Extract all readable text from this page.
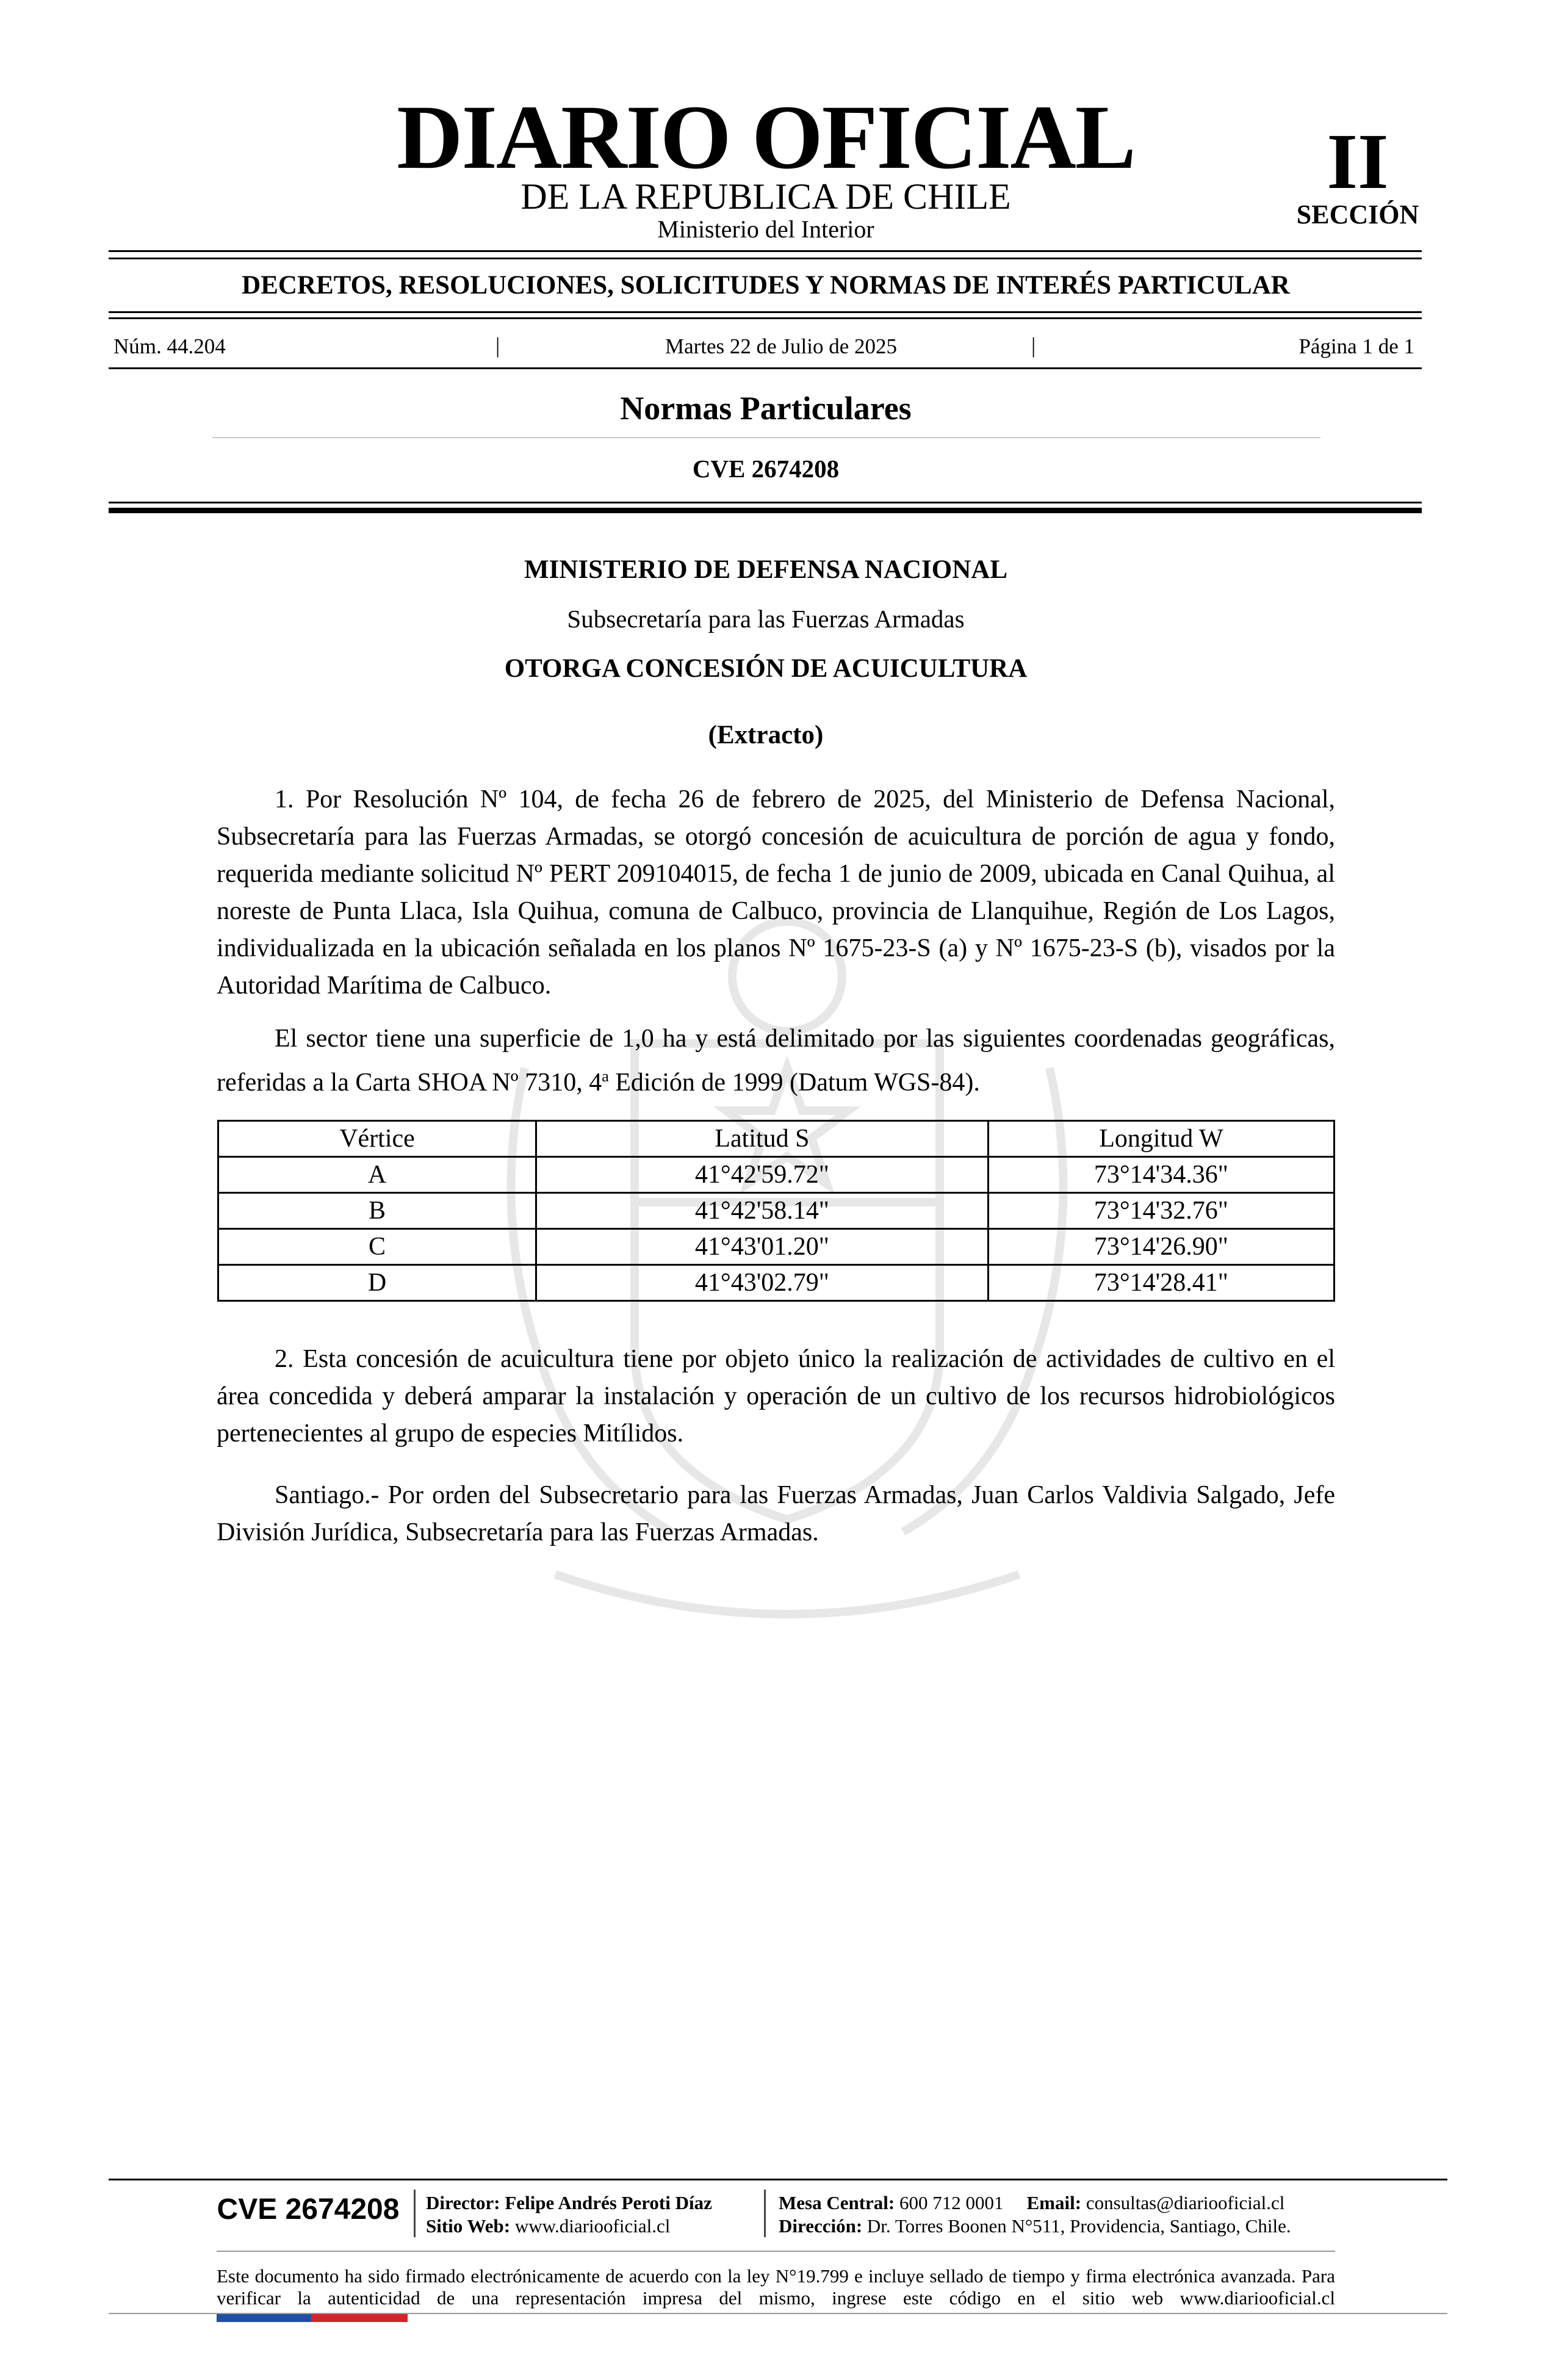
DIARIO OFICIAL
DE LA REPUBLICA DE CHILE
Ministerio del Interior
II
SECCIÓN
DECRETOS, RESOLUCIONES, SOLICITUDES Y NORMAS DE INTERÉS PARTICULAR
Núm. 44.204	|	Martes 22 de Julio de 2025	|	Página 1 de 1
Normas Particulares
CVE 2674208
MINISTERIO DE DEFENSA NACIONAL
Subsecretaría para las Fuerzas Armadas
OTORGA CONCESIÓN DE ACUICULTURA
(Extracto)

1. Por Resolución Nº 104, de fecha 26 de febrero de 2025, del Ministerio de Defensa Nacional, Subsecretaría para las Fuerzas Armadas, se otorgó concesión de acuicultura de porción de agua y fondo, requerida mediante solicitud Nº PERT 209104015, de fecha 1 de junio de 2009, ubicada en Canal Quihua, al noreste de Punta Llaca, Isla Quihua, comuna de Calbuco, provincia de Llanquihue, Región de Los Lagos, individualizada en la ubicación señalada en los planos Nº 1675-23-S (a) y Nº 1675-23-S (b), visados por la Autoridad Marítima de Calbuco.

El sector tiene una superficie de 1,0 ha y está delimitado por las siguientes coordenadas geográficas, referidas a la Carta SHOA Nº 7310, 4$^a$ Edición de 1999 (Datum WGS-84).

Vértice	Latitud S	Longitud W
A	41°42'59.72"	73°14'34.36"
B	41°42'58.14"	73°14'32.76"
C	41°43'01.20"	73°14'26.90"
D	41°43'02.79"	73°14'28.41"

2. Esta concesión de acuicultura tiene por objeto único la realización de actividades de cultivo en el área concedida y deberá amparar la instalación y operación de un cultivo de los recursos hidrobiológicos pertenecientes al grupo de especies Mitílidos.

Santiago.- Por orden del Subsecretario para las Fuerzas Armadas, Juan Carlos Valdivia Salgado, Jefe División Jurídica, Subsecretaría para las Fuerzas Armadas.

CVE 2674208	Director: Felipe Andrés Peroti Díaz
Sitio Web: www.diariooficial.cl
Mesa Central: 600 712 0001 Email: consultas@diariooficial.cl
Dirección: Dr. Torres Boonen N°511, Providencia, Santiago, Chile.
Este documento ha sido firmado electrónicamente de acuerdo con la ley N°19.799 e incluye sellado de tiempo y firma electrónica avanzada. Para verificar la autenticidad de una representación impresa del mismo, ingrese este código en el sitio web www.diariooficial.cl
